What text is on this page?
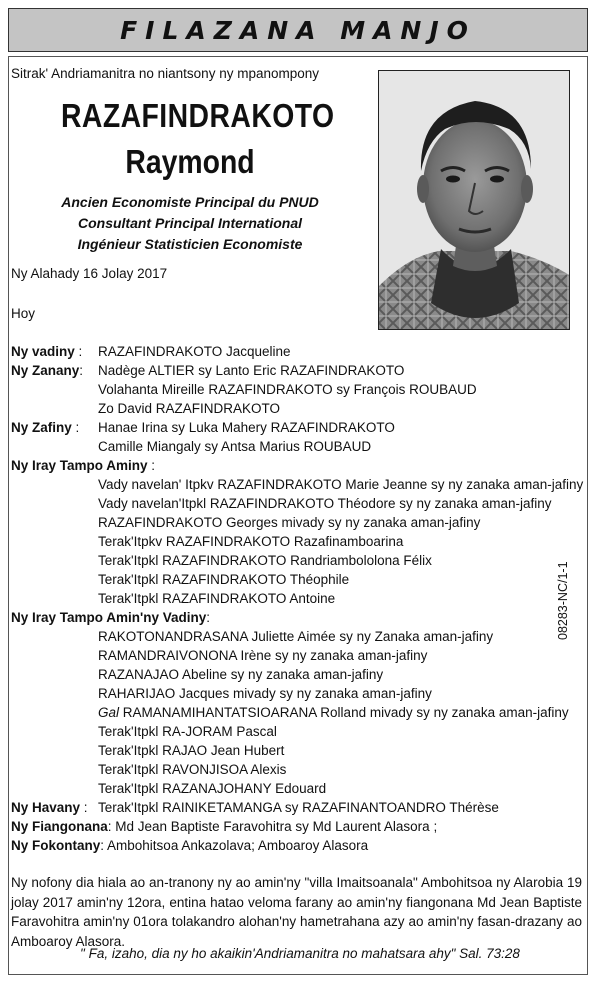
FILAZANA MANJO
Sitrak' Andriamanitra no niantsony ny mpanompony
RAZAFINDRAKOTO
Raymond
Ancien Economiste Principal du PNUD
Consultant Principal International
Ingénieur Statisticien Economiste
Ny Alahady 16 Jolay 2017
Hoy
Ny vadiny : RAZAFINDRAKOTO Jacqueline
Ny Zanany: Nadège ALTIER sy Lanto Eric RAZAFINDRAKOTO
Volahanta Mireille RAZAFINDRAKOTO sy François ROUBAUD
Zo David RAZAFINDRAKOTO
Ny Zafiny : Hanae Irina sy Luka Mahery RAZAFINDRAKOTO
Camille Miangaly sy Antsa Marius ROUBAUD
Ny Iray Tampo Aminy :
Vady navelan' Itpkv RAZAFINDRAKOTO Marie Jeanne sy ny zanaka aman-jafiny
Vady navelan'Itpkl RAZAFINDRAKOTO Théodore sy ny zanaka aman-jafiny
RAZAFINDRAKOTO Georges mivady sy ny zanaka aman-jafiny
Terak'Itpkv RAZAFINDRAKOTO Razafinamboarina
Terak'Itpkl RAZAFINDRAKOTO Randriambololona Félix
Terak'Itpkl RAZAFINDRAKOTO Théophile
Terak'Itpkl RAZAFINDRAKOTO Antoine
Ny Iray Tampo Amin'ny Vadiny:
RAKOTONANDRASANA Juliette Aimée sy ny Zanaka aman-jafiny
RAMANDRAIVONONA Irène sy ny zanaka aman-jafiny
RAZANAJAO Abeline sy ny zanaka aman-jafiny
RAHARIJAO Jacques mivady sy ny zanaka aman-jafiny
Gal RAMANAMIHANTATSIOARANA Rolland mivady sy ny zanaka aman-jafiny
Terak'Itpkl RA-JORAM Pascal
Terak'Itpkl RAJAO Jean Hubert
Terak'Itpkl RAVONJISOA Alexis
Terak'Itpkl RAZANAJOHANY Edouard
Ny Havany : Terak'Itpkl RAINIKETAMANGA sy RAZAFINANTOANDRO Thérèse
Ny Fiangonana: Md Jean Baptiste Faravohitra sy Md Laurent Alasora ;
Ny Fokontany: Ambohitsoa Ankazolava; Amboaroy Alasora
Ny nofony dia hiala ao an-tranony ny ao amin'ny "villa Imaitsoanala" Ambohitsoa ny Alarobia 19 jolay 2017 amin'ny 12ora, entina hatao veloma farany ao amin'ny fiangonana Md Jean Baptiste Faravohitra amin'ny 01ora tolakandro alohan'ny hametrahana azy ao amin'ny fasan-drazany ao Amboaroy Alasora.
" Fa, izaho, dia ny ho akaikin'Andriamanitra no mahatsara ahy" Sal. 73:28
08283-NC/1-1
